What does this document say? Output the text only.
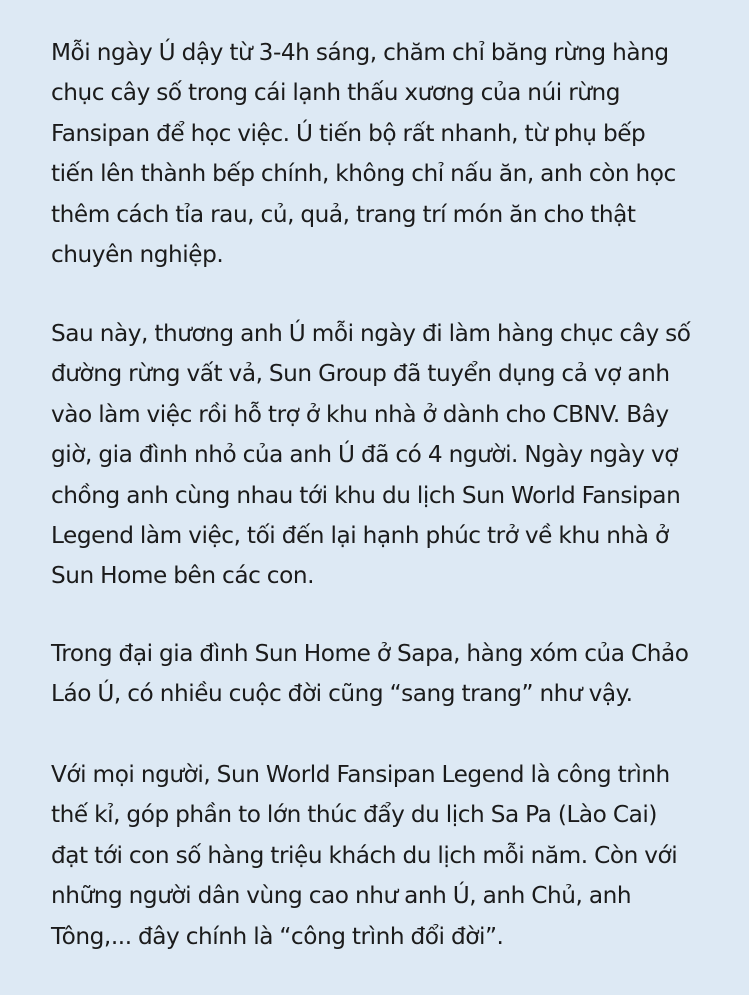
Mỗi ngày Ú dậy từ 3-4h sáng, chăm chỉ băng rừng hàng
chục cây số trong cái lạnh thấu xương của núi rừng
Fansipan để học việc. Ú tiến bộ rất nhanh, từ phụ bếp
tiến lên thành bếp chính, không chỉ nấu ăn, anh còn học
thêm cách tỉa rau, củ, quả, trang trí món ăn cho thật
chuyên nghiệp.

Sau này, thương anh Ú mỗi ngày đi làm hàng chục cây số
đường rừng vất vả, Sun Group đã tuyển dụng cả vợ anh
vào làm việc rồi hỗ trợ ở khu nhà ở dành cho CBNV. Bây
giờ, gia đình nhỏ của anh Ú đã có 4 người. Ngày ngày vợ
chồng anh cùng nhau tới khu du lịch Sun World Fansipan
Legend làm việc, tối đến lại hạnh phúc trở về khu nhà ở
Sun Home bên các con.

Trong đại gia đình Sun Home ở Sapa, hàng xóm của Chảo
Láo Ú, có nhiều cuộc đời cũng “sang trang” như vậy.

Với mọi người, Sun World Fansipan Legend là công trình
thế kỉ, góp phần to lớn thúc đẩy du lịch Sa Pa (Lào Cai)
đạt tới con số hàng triệu khách du lịch mỗi năm. Còn với
những người dân vùng cao như anh Ú, anh Chủ, anh
Tông,... đây chính là “công trình đổi đời”.
